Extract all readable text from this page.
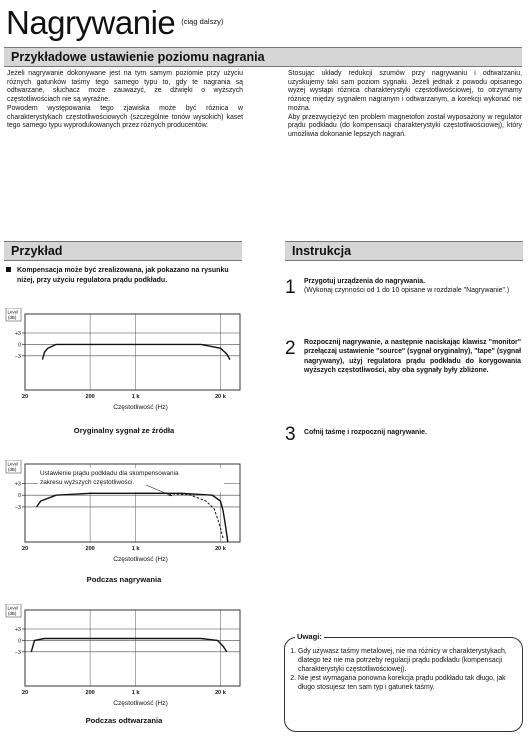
Nagrywanie $^{(ciąg dalszy)}$
Przykładowe ustawienie poziomu nagrania

Jeżeli nagrywanie dokonywane jest na tym samym poziomie przy użyciu różnych gatunków taśmy tego samego typu to, gdy te nagrania są odtwarzane, słuchacz może zauważyć, że dźwięki o wyższych częstotliwościach nie są wyraźne.

Powodem występowania tego zjawiska może być różnica w charakterystykach częstotliwościowych (szczególnie tonów wysokich) kaset tego samego typu wyprodukowanych przez różnych producentów.

Stosując układy redukcji szumów przy nagrywaniu i odtwarzaniu, uzyskujemy taki sam poziom sygnału. Jeżeli jednak z powodu opisanego wyżej wystąpi różnica charakterystyki częstotliwościowej, to otrzymamy różnicę między sygnałem nagranym i odtwarzanym, a korekcji wykonać nie można.

Aby przezwyciężyć ten problem magnetofon został wyposażony w regulator prądu podkładu (do kompensacji charakterystyki częstotliwościowej), który umożliwia dokonanie lepszych nagrań.

Przykład

Kompensacja może być zrealizowana, jak pokazano na rysunku niżej, przy użyciu regulatora prądu podkładu.

Instrukcja
1 Przygotuj urządzenia do nagrywania.

(Wykonaj czynności od 1 do 10 opisane w rozdziale "Nagrywanie".)

2 Rozpocznij nagrywanie, a następnie naciskając klawisz "monitor" przełączaj ustawienie "source" (sygnał oryginalny), "tape" (sygnał nagrywany), użyj regulatora prądu podkładu do korygowania wyższych częstotliwości, aby oba sygnały były zbliżone.

3 Cofnij taśmę i rozpocznij nagrywanie.

Uwagi:
1. Gdy używasz taśmy metalowej, nie ma różnicy w charakterystykach, dlatego też nie ma potrzeby regulacji prądu podkładu (kompensacji charakterystyki częstotliwościowej).
2. Nie jest wymagana ponowna korekcja prądu podkładu tak długo, jak długo stosujesz ten sam typ i gatunek taśmy.
+3
0
−3
20	200	1 k	20 k
Level
(dB)
Częstotliwość (Hz)
Oryginalny sygnał ze źródła
+3
0
−3
20	200	1 k	20 k
Level
(dB)
Częstotliwość (Hz)
Ustawienie prądu podkładu dla skompensowania
zakresu wyższych częstotliwości.
Podczas nagrywania
+3
0
−3
20	200	1 k	20 k
Level
(dB)
Częstotliwość (Hz)
Podczas odtwarzania
